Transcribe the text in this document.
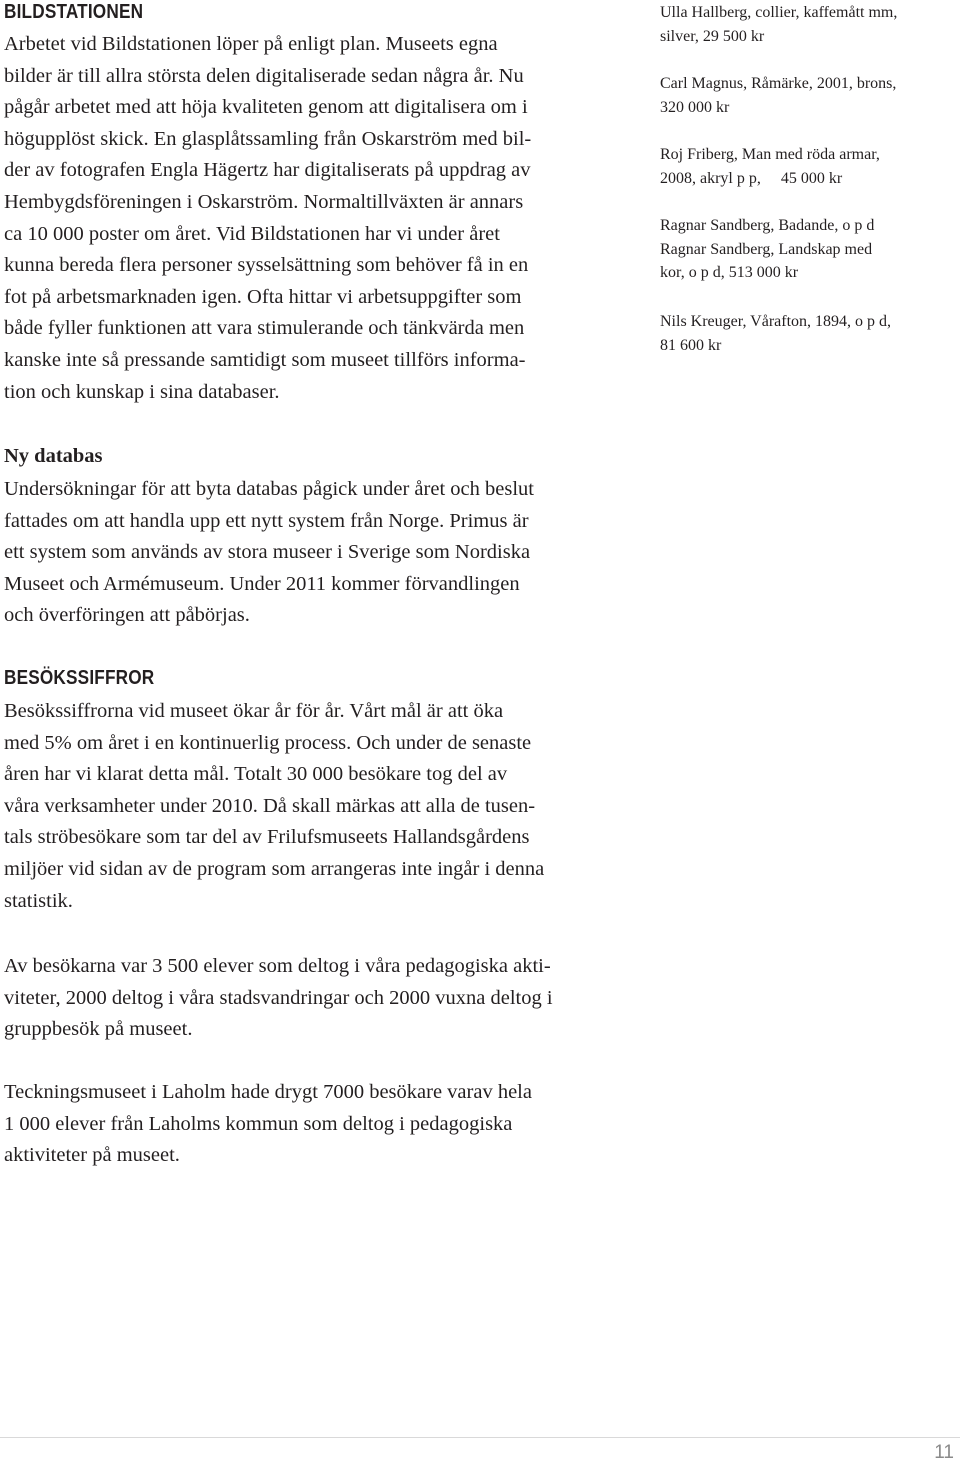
BILDSTATIONEN

Arbetet vid Bildstationen löper på enligt plan. Museets egna
bilder är till allra största delen digitaliserade sedan några år. Nu
pågår arbetet med att höja kvaliteten genom att digitalisera om i
högupplöst skick. En glasplåtssamling från Oskarström med bil-
der av fotografen Engla Hägertz har digitaliserats på uppdrag av
Hembygdsföreningen i Oskarström. Normaltillväxten är annars
ca 10 000 poster om året. Vid Bildstationen har vi under året
kunna bereda flera personer sysselsättning som behöver få in en
fot på arbetsmarknaden igen. Ofta hittar vi arbetsuppgifter som
både fyller funktionen att vara stimulerande och tänkvärda men
kanske inte så pressande samtidigt som museet tillförs informa-
tion och kunskap i sina databaser.

Ny databas

Undersökningar för att byta databas pågick under året och beslut
fattades om att handla upp ett nytt system från Norge. Primus är
ett system som används av stora museer i Sverige som Nordiska
Museet och Armémuseum. Under 2011 kommer förvandlingen
och överföringen att påbörjas.

BESÖKSSIFFROR

Besökssiffrorna vid museet ökar år för år. Vårt mål är att öka
med 5% om året i en kontinuerlig process. Och under de senaste
åren har vi klarat detta mål. Totalt 30 000 besökare tog del av
våra verksamheter under 2010. Då skall märkas att alla de tusen-
tals ströbesökare som tar del av Frilufsmuseets Hallandsgårdens
miljöer vid sidan av de program som arrangeras inte ingår i denna
statistik.

Av besökarna var 3 500 elever som deltog i våra pedagogiska akti-
viteter, 2000 deltog i våra stadsvandringar och 2000 vuxna deltog i
gruppbesök på museet.

Teckningsmuseet i Laholm hade drygt 7000 besökare varav hela
1 000 elever från Laholms kommun som deltog i pedagogiska
aktiviteter på museet.

Ulla Hallberg, collier, kaffemått mm,
silver, 29 500 kr
Carl Magnus, Råmärke, 2001, brons,
320 000 kr
Roj Friberg, Man med röda armar,
2008, akryl p p,     45 000 kr
Ragnar Sandberg, Badande, o p d
Ragnar Sandberg, Landskap med
kor, o p d, 513 000 kr
Nils Kreuger, Vårafton, 1894, o p d,
81 600 kr
11
